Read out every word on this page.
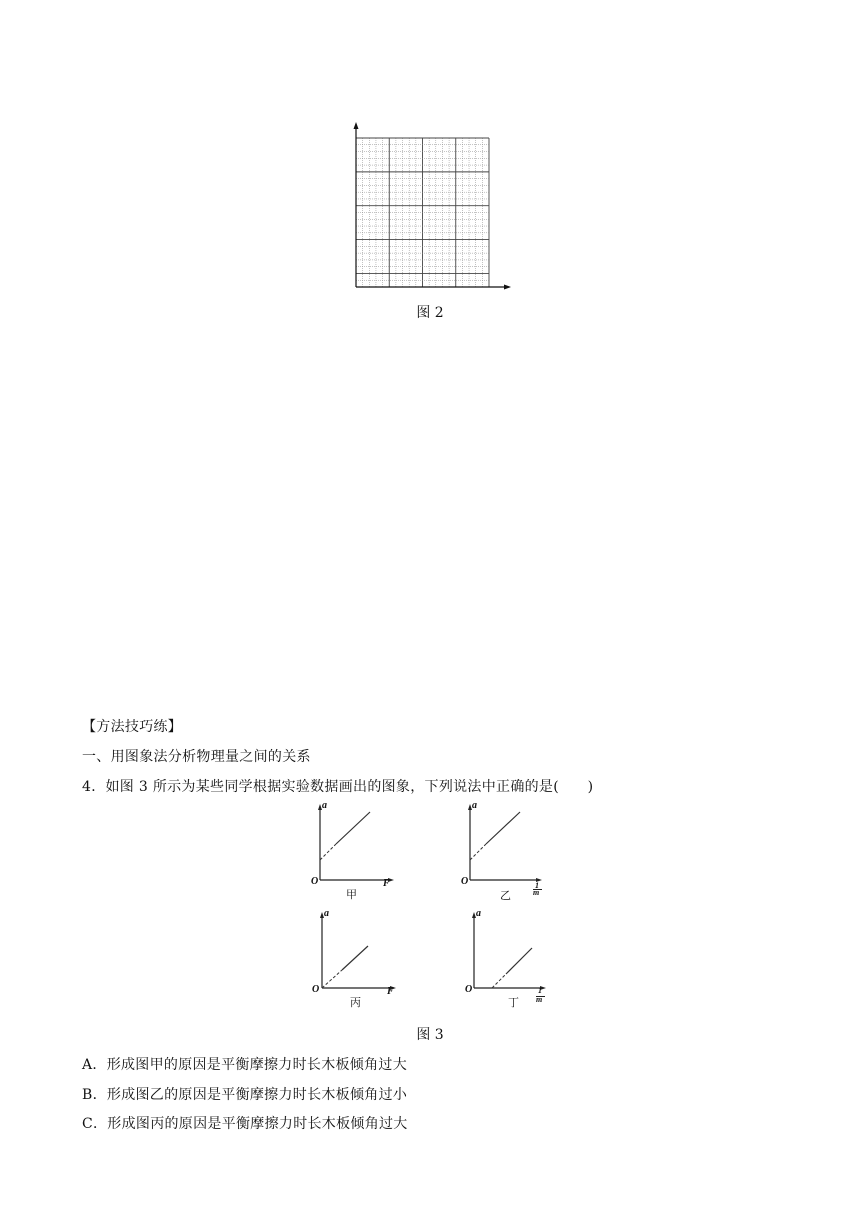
图 2
【方法技巧练】
一、用图象法分析物理量之间的关系
4．如图 3 所示为某些同学根据实验数据画出的图象，下列说法中正确的是(　　)
a
O	F
甲
a
O	1
m
乙
a
O	F
丙
a
O	1
m
丁
图 3
A．形成图甲的原因是平衡摩擦力时长木板倾角过大
B．形成图乙的原因是平衡摩擦力时长木板倾角过小
C．形成图丙的原因是平衡摩擦力时长木板倾角过大
